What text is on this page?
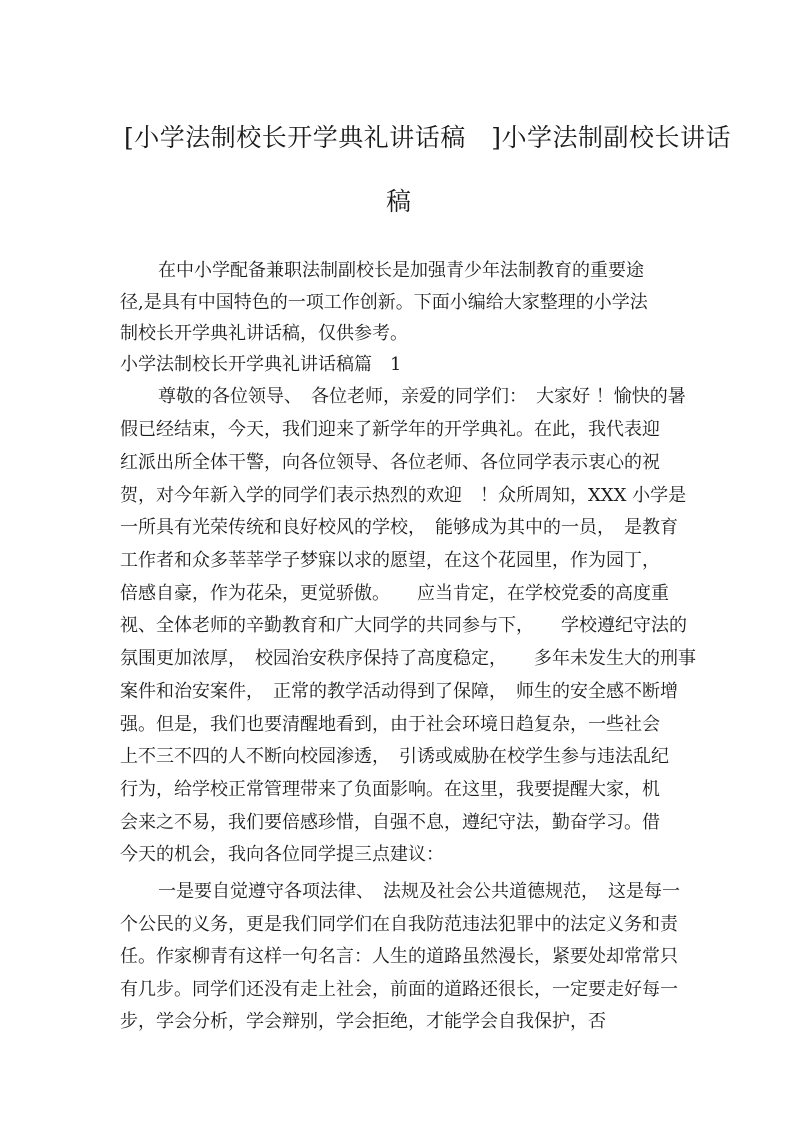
[小学法制校长开学典礼讲话稿　]小学法制副校长讲话
稿
在中小学配备兼职法制副校长是加强青少年法制教育的重要途
径,是具有中国特色的一项工作创新。下面小编给大家整理的小学法
制校长开学典礼讲话稿，仅供参考。
小学法制校长开学典礼讲话稿篇　1
尊敬的各位领导、　各位老师，亲爱的同学们：　大家好 ！愉快的暑
假已经结束，今天，我们迎来了新学年的开学典礼。在此，我代表迎
红派出所全体干警，向各位领导、各位老师、各位同学表示衷心的祝
贺，对今年新入学的同学们表示热烈的欢迎　！众所周知，XXX 小学是
一所具有光荣传统和良好校风的学校，　能够成为其中的一员，　是教育
工作者和众多莘莘学子梦寐以求的愿望，在这个花园里，作为园丁，
倍感自豪，作为花朵，更觉骄傲。　　应当肯定，在学校党委的高度重
视、全体老师的辛勤教育和广大同学的共同参与下，　　学校遵纪守法的
氛围更加浓厚，　校园治安秩序保持了高度稳定，　　多年未发生大的刑事
案件和治安案件，　正常的教学活动得到了保障，　师生的安全感不断增
强。但是，我们也要清醒地看到，由于社会环境日趋复杂，一些社会
上不三不四的人不断向校园渗透，　引诱或威胁在校学生参与违法乱纪
行为，给学校正常管理带来了负面影响。在这里，我要提醒大家，机
会来之不易，我们要倍感珍惜，自强不息，遵纪守法，勤奋学习。借
今天的机会，我向各位同学提三点建议：
一是要自觉遵守各项法律、　法规及社会公共道德规范，　这是每一
个公民的义务，更是我们同学们在自我防范违法犯罪中的法定义务和责
任。作家柳青有这样一句名言：人生的道路虽然漫长，紧要处却常常只
有几步。同学们还没有走上社会，前面的道路还很长，一定要走好每一
步，学会分析，学会辩别，学会拒绝，才能学会自我保护，否
